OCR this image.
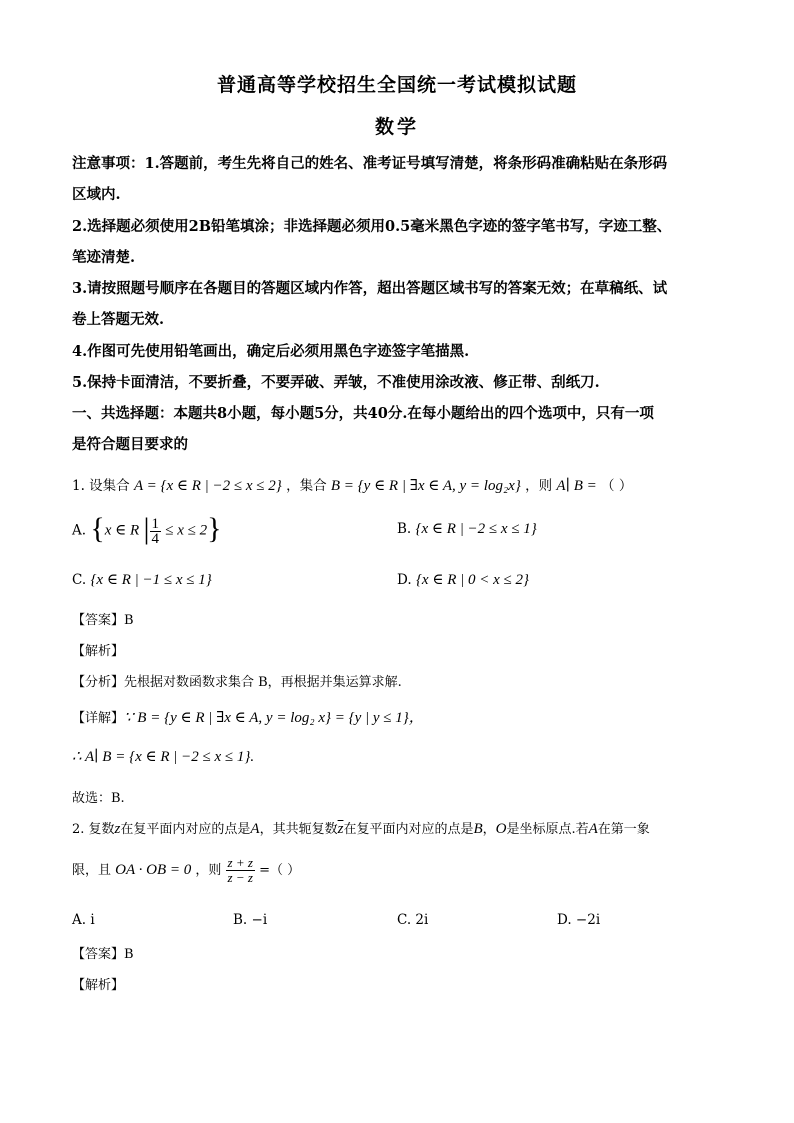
普通高等学校招生全国统一考试模拟试题
数学
注意事项：1.答题前，考生先将自己的姓名、准考证号填写清楚，将条形码准确粘贴在条形码
区域内.
2.选择题必须使用2B铅笔填涂；非选择题必须用0.5毫米黑色字迹的签字笔书写，字迹工整、
笔迹清楚.
3.请按照题号顺序在各题目的答题区域内作答，超出答题区域书写的答案无效；在草稿纸、试
卷上答题无效.
4.作图可先使用铅笔画出，确定后必须用黑色字迹签字笔描黑.
5.保持卡面清洁，不要折叠，不要弄破、弄皱，不准使用涂改液、修正带、刮纸刀.
一、共选择题：本题共8小题，每小题5分，共40分.在每小题给出的四个选项中，只有一项
是符合题目要求的
1. 设集合 A = {x ∈ R | −2 ≤ x ≤ 2} ，集合 B = {y ∈ R | ∃x ∈ A, y = log₂x} ，则 A∣ B = （ ）
A. {x ∈ R | $\frac{1}{4} \le x \le 2$}	B. {x ∈ R | −2 ≤ x ≤ 1}
C. {x ∈ R | −1 ≤ x ≤ 1}	D. {x ∈ R | 0 < x ≤ 2}
【答案】B
【解析】
【分析】先根据对数函数求集合 B，再根据并集运算求解.
【详解】∵ B = {y ∈ R | ∃x ∈ A, y = log₂ x} = {y | y ≤ 1}，
∴ A∣ B = {x ∈ R | −2 ≤ x ≤ 1}.
故选：B.
2. 复数z在复平面内对应的点是A，其共轭复数$\overline{z}$在复平面内对应的点是B，O是坐标原点.若A在第一象
限，且 OA · OB = 0 ，则 $\frac{z + z}{z - z}$ =（ ）
A. i	B. −i	C. 2i	D. −2i
【答案】B
【解析】
